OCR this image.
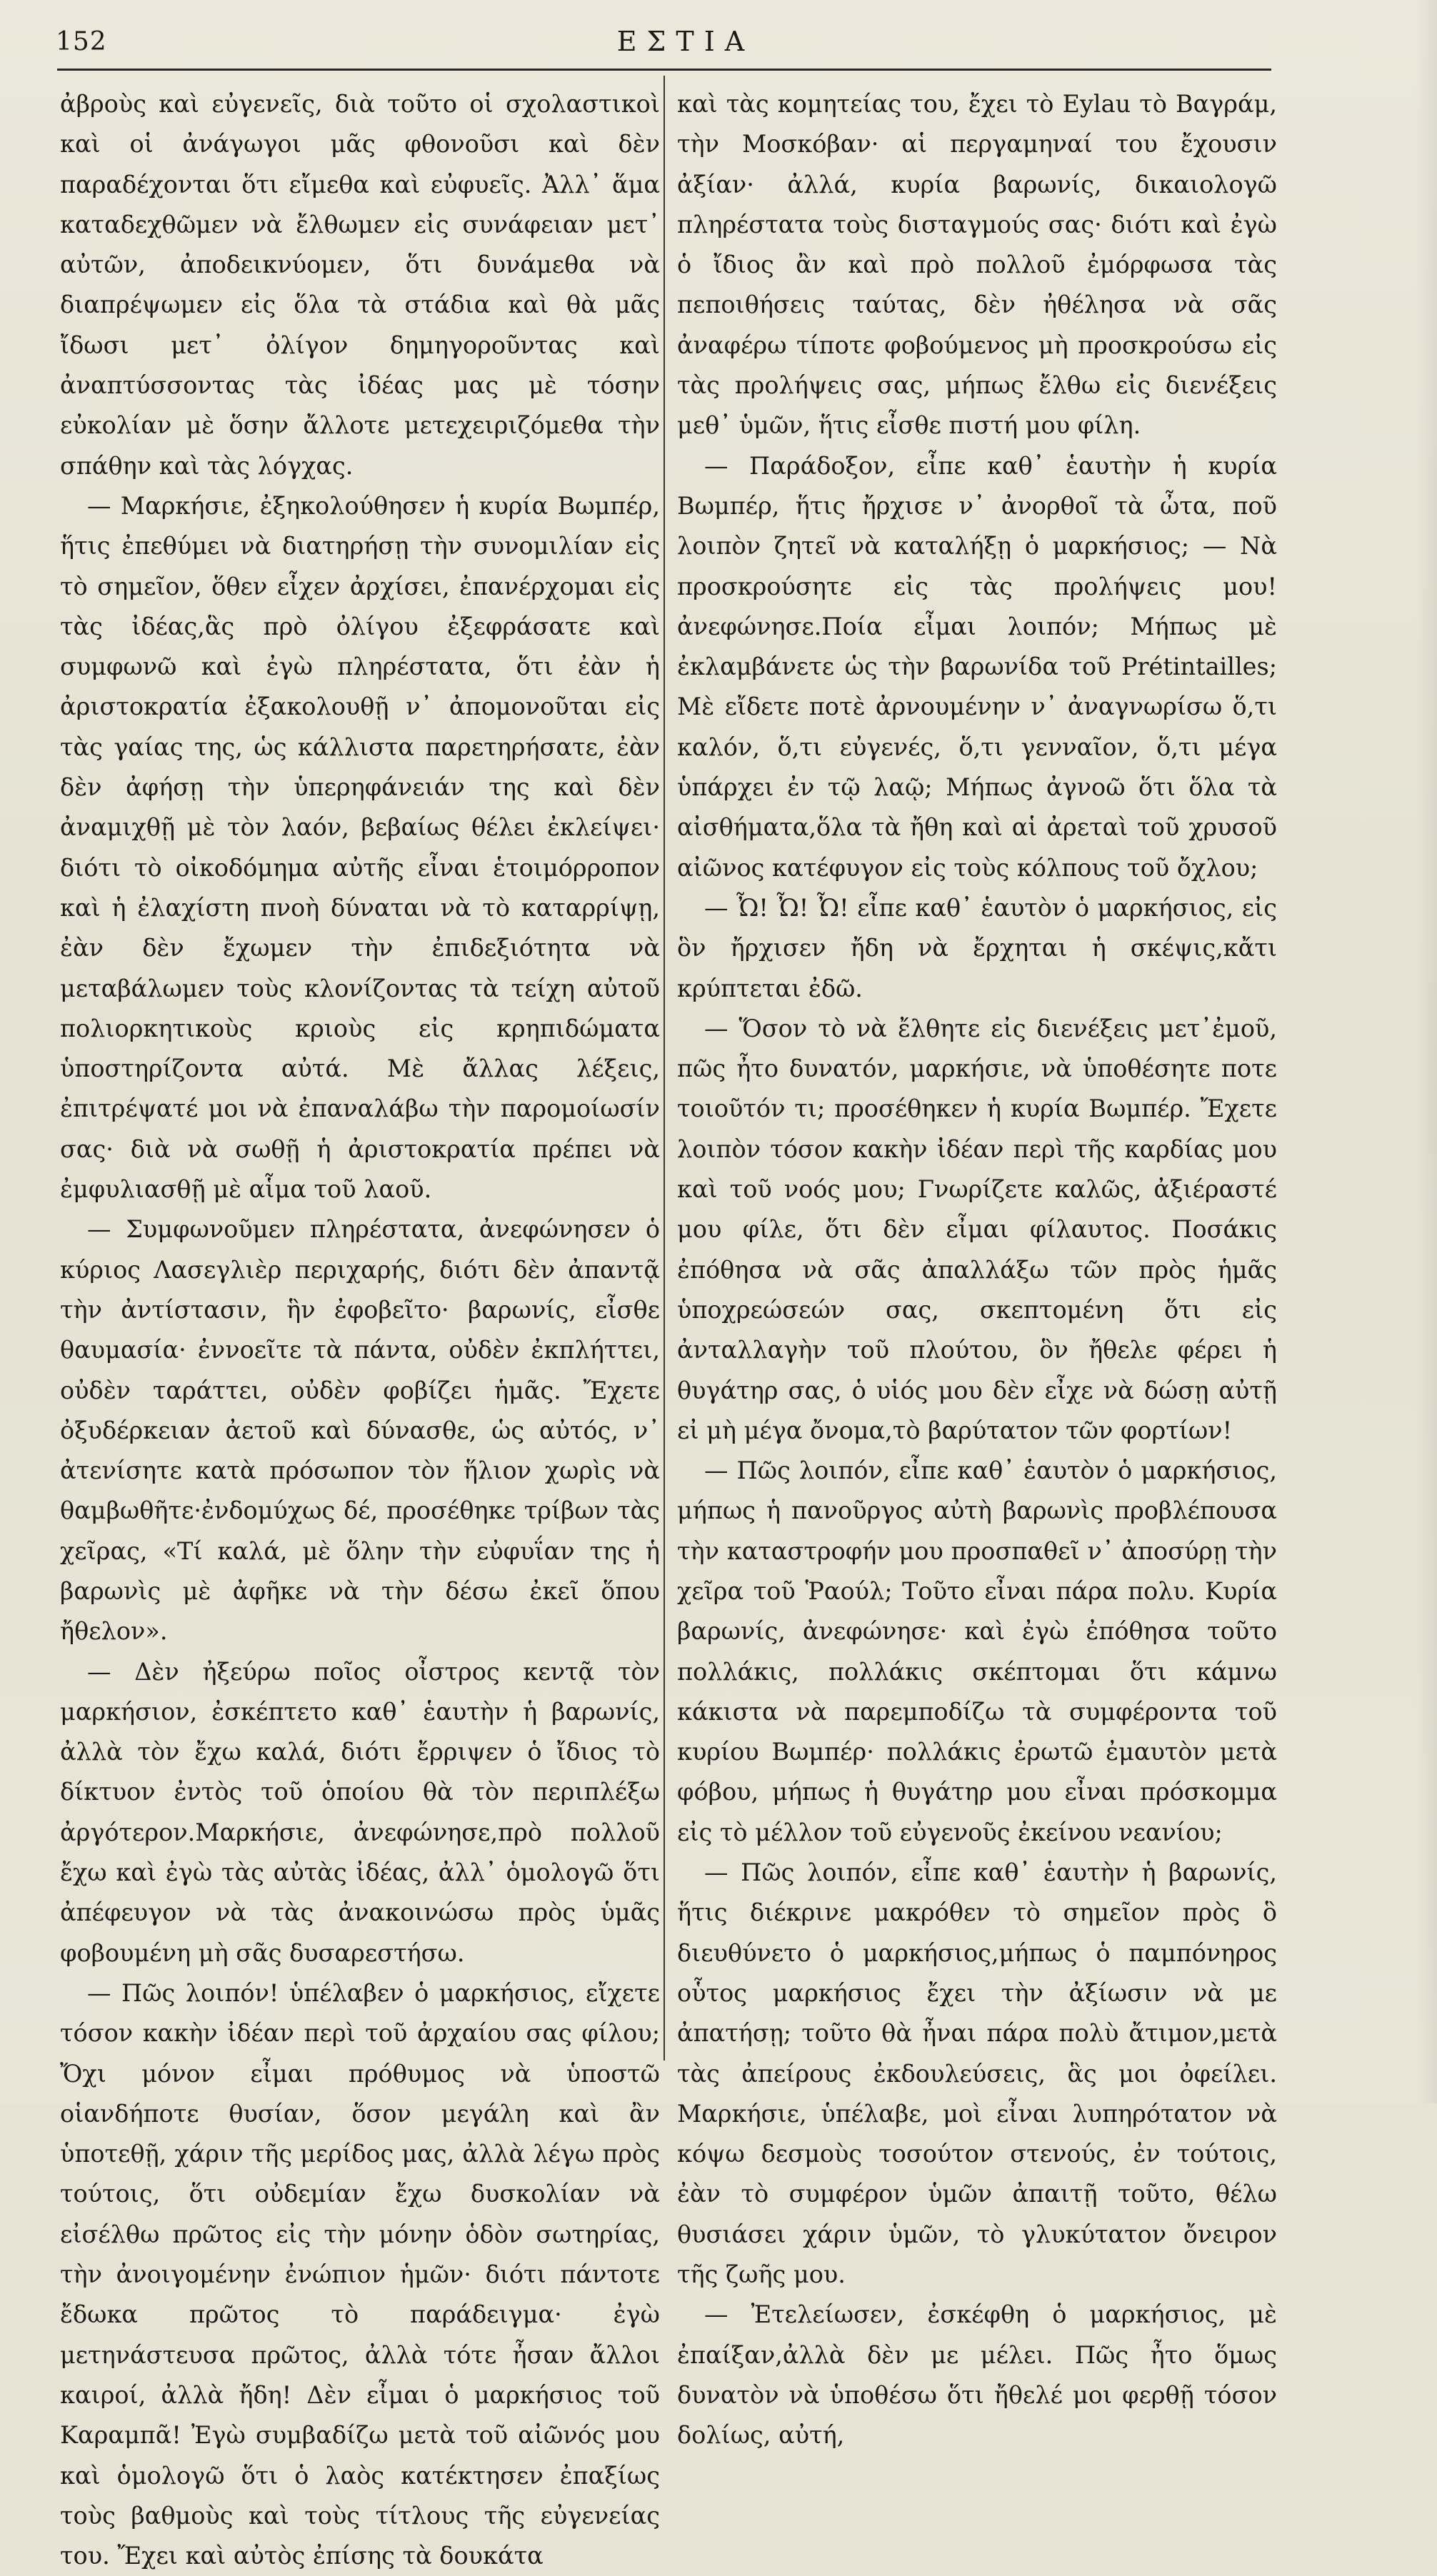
152	ΕΣΤΙΑ

ἀβροὺς καὶ εὐγενεῖς, διὰ τοῦτο οἱ σχολαστικοὶ καὶ οἱ ἀνάγωγοι μᾶς φθονοῦσι καὶ δὲν παραδέχονται ὅτι εἴμεθα καὶ εὐφυεῖς. Ἀλλ᾽ ἅμα καταδεχθῶμεν νὰ ἔλθωμεν εἰς συνάφειαν μετ᾽ αὐτῶν, ἀποδεικνύομεν, ὅτι δυνάμεθα νὰ διαπρέψωμεν εἰς ὅλα τὰ στάδια καὶ θὰ μᾶς ἴδωσι μετ᾽ ὀλίγον δημηγοροῦντας καὶ ἀναπτύσσοντας τὰς ἰδέας μας μὲ τόσην εὐκολίαν μὲ ὅσην ἄλλοτε μετεχειριζόμεθα τὴν σπάθην καὶ τὰς λόγχας.

— Μαρκήσιε, ἐξηκολούθησεν ἡ κυρία Βωμπέρ, ἥτις ἐπεθύμει νὰ διατηρήσῃ τὴν συνομιλίαν εἰς τὸ σημεῖον, ὅθεν εἶχεν ἀρχίσει, ἐπανέρχομαι εἰς τὰς ἰδέας,ἃς πρὸ ὀλίγου ἐξεφράσατε καὶ συμφωνῶ καὶ ἐγὼ πληρέστατα, ὅτι ἐὰν ἡ ἀριστοκρατία ἐξακολουθῇ ν᾽ ἀπομονοῦται εἰς τὰς γαίας της, ὡς κάλλιστα παρετηρήσατε, ἐὰν δὲν ἀφήσῃ τὴν ὑπερηφάνειάν της καὶ δὲν ἀναμιχθῇ μὲ τὸν λαόν, βεβαίως θέλει ἐκλείψει· διότι τὸ οἰκοδόμημα αὐτῆς εἶναι ἑτοιμόρροπον καὶ ἡ ἐλαχίστη πνοὴ δύναται νὰ τὸ καταρρίψῃ, ἐὰν δὲν ἔχωμεν τὴν ἐπιδεξιότητα νὰ μεταβάλωμεν τοὺς κλονίζοντας τὰ τείχη αὐτοῦ πολιορκητικοὺς κριοὺς εἰς κρηπιδώματα ὑποστηρίζοντα αὐτά. Μὲ ἄλλας λέξεις, ἐπιτρέψατέ μοι νὰ ἐπαναλάβω τὴν παρομοίωσίν σας· διὰ νὰ σωθῇ ἡ ἀριστοκρατία πρέπει νὰ ἐμφυλιασθῇ μὲ αἷμα τοῦ λαοῦ.

— Συμφωνοῦμεν πληρέστατα, ἀνεφώνησεν ὁ κύριος Λασεγλιὲρ περιχαρής, διότι δὲν ἀπαντᾷ τὴν ἀντίστασιν, ἣν ἐφοβεῖτο· βαρωνίς, εἶσθε θαυμασία· ἐννοεῖτε τὰ πάντα, οὐδὲν ἐκπλήττει, οὐδὲν ταράττει, οὐδὲν φοβίζει ἡμᾶς. Ἔχετε ὀξυδέρκειαν ἀετοῦ καὶ δύνασθε, ὡς αὐτός, ν᾽ ἀτενίσητε κατὰ πρόσωπον τὸν ἥλιον χωρὶς νὰ θαμβωθῆτε·ἐνδομύχως δέ, προσέθηκε τρίβων τὰς χεῖρας, «Τί καλά, μὲ ὅλην τὴν εὐφυΐαν της ἡ βαρωνὶς μὲ ἀφῆκε νὰ τὴν δέσω ἐκεῖ ὅπου ἤθελον».

— Δὲν ἠξεύρω ποῖος οἶστρος κεντᾷ τὸν μαρκήσιον, ἐσκέπτετο καθ᾽ ἑαυτὴν ἡ βαρωνίς, ἀλλὰ τὸν ἔχω καλά, διότι ἔρριψεν ὁ ἴδιος τὸ δίκτυον ἐντὸς τοῦ ὁποίου θὰ τὸν περιπλέξω ἀργότερον.Μαρκήσιε, ἀνεφώνησε,πρὸ πολλοῦ ἔχω καὶ ἐγὼ τὰς αὐτὰς ἰδέας, ἀλλ᾽ ὁμολογῶ ὅτι ἀπέφευγον νὰ τὰς ἀνακοινώσω πρὸς ὑμᾶς φοβουμένη μὴ σᾶς δυσαρεστήσω.

— Πῶς λοιπόν! ὑπέλαβεν ὁ μαρκήσιος, εἴχετε τόσον κακὴν ἰδέαν περὶ τοῦ ἀρχαίου σας φίλου; Ὄχι μόνον εἶμαι πρόθυμος νὰ ὑποστῶ οἱανδήποτε θυσίαν, ὅσον μεγάλη καὶ ἂν ὑποτεθῇ, χάριν τῆς μερίδος μας, ἀλλὰ λέγω πρὸς τούτοις, ὅτι οὐδεμίαν ἔχω δυσκολίαν νὰ εἰσέλθω πρῶτος εἰς τὴν μόνην ὁδὸν σωτηρίας, τὴν ἀνοιγομένην ἐνώπιον ἡμῶν· διότι πάντοτε ἔδωκα πρῶτος τὸ παράδειγμα· ἐγὼ μετηνάστευσα πρῶτος, ἀλλὰ τότε ἦσαν ἄλλοι καιροί, ἀλλὰ ἤδη! Δὲν εἶμαι ὁ μαρκήσιος τοῦ Καραμπᾶ! Ἐγὼ συμβαδίζω μετὰ τοῦ αἰῶνός μου καὶ ὁμολογῶ ὅτι ὁ λαὸς κατέκτησεν ἐπαξίως τοὺς βαθμοὺς καὶ τοὺς τίτλους τῆς εὐγενείας του. Ἔχει καὶ αὐτὸς ἐπίσης τὰ δουκάτα

καὶ τὰς κομητείας του, ἔχει τὸ Eylau τὸ Βαγράμ, τὴν Μοσκόβαν· αἱ περγαμηναί του ἔχουσιν ἀξίαν· ἀλλά, κυρία βαρωνίς, δικαιολογῶ πληρέστατα τοὺς δισταγμούς σας· διότι καὶ ἐγὼ ὁ ἴδιος ἂν καὶ πρὸ πολλοῦ ἐμόρφωσα τὰς πεποιθήσεις ταύτας, δὲν ἠθέλησα νὰ σᾶς ἀναφέρω τίποτε φοβούμενος μὴ προσκρούσω εἰς τὰς προλήψεις σας, μήπως ἔλθω εἰς διενέξεις μεθ᾽ ὑμῶν, ἥτις εἶσθε πιστή μου φίλη.

— Παράδοξον, εἶπε καθ᾽ ἑαυτὴν ἡ κυρία Βωμπέρ, ἥτις ἤρχισε ν᾽ ἀνορθοῖ τὰ ὦτα, ποῦ λοιπὸν ζητεῖ νὰ καταλήξῃ ὁ μαρκήσιος; — Νὰ προσκρούσητε εἰς τὰς προλήψεις μου! ἀνεφώνησε.Ποία εἶμαι λοιπόν; Μήπως μὲ ἐκλαμβάνετε ὡς τὴν βαρωνίδα τοῦ Prétintailles; Μὲ εἴδετε ποτὲ ἀρνουμένην ν᾽ ἀναγνωρίσω ὅ,τι καλόν, ὅ,τι εὐγενές, ὅ,τι γενναῖον, ὅ,τι μέγα ὑπάρχει ἐν τῷ λαῷ; Μήπως ἀγνοῶ ὅτι ὅλα τὰ αἰσθήματα,ὅλα τὰ ἤθη καὶ αἱ ἀρεταὶ τοῦ χρυσοῦ αἰῶνος κατέφυγον εἰς τοὺς κόλπους τοῦ ὄχλου;

— Ὦ! Ὦ! Ὦ! εἶπε καθ᾽ ἑαυτὸν ὁ μαρκήσιος, εἰς ὃν ἤρχισεν ἤδη νὰ ἔρχηται ἡ σκέψις,κἄτι κρύπτεται ἐδῶ.

— Ὅσον τὸ νὰ ἔλθητε εἰς διενέξεις μετ᾽ἐμοῦ, πῶς ἦτο δυνατόν, μαρκήσιε, νὰ ὑποθέσητε ποτε τοιοῦτόν τι; προσέθηκεν ἡ κυρία Βωμπέρ. Ἔχετε λοιπὸν τόσον κακὴν ἰδέαν περὶ τῆς καρδίας μου καὶ τοῦ νοός μου; Γνωρίζετε καλῶς, ἀξιέραστέ μου φίλε, ὅτι δὲν εἶμαι φίλαυτος. Ποσάκις ἐπόθησα νὰ σᾶς ἀπαλλάξω τῶν πρὸς ἡμᾶς ὑποχρεώσεών σας, σκεπτομένη ὅτι εἰς ἀνταλλαγὴν τοῦ πλούτου, ὃν ἤθελε φέρει ἡ θυγάτηρ σας, ὁ υἱός μου δὲν εἶχε νὰ δώσῃ αὐτῇ εἰ μὴ μέγα ὄνομα,τὸ βαρύτατον τῶν φορτίων!

— Πῶς λοιπόν, εἶπε καθ᾽ ἑαυτὸν ὁ μαρκήσιος, μήπως ἡ πανοῦργος αὐτὴ βαρωνὶς προβλέπουσα τὴν καταστροφήν μου προσπαθεῖ ν᾽ ἀποσύρῃ τὴν χεῖρα τοῦ Ῥαούλ; Τοῦτο εἶναι πάρα πολυ. Κυρία βαρωνίς, ἀνεφώνησε· καὶ ἐγὼ ἐπόθησα τοῦτο πολλάκις, πολλάκις σκέπτομαι ὅτι κάμνω κάκιστα νὰ παρεμποδίζω τὰ συμφέροντα τοῦ κυρίου Βωμπέρ· πολλάκις ἐρωτῶ ἐμαυτὸν μετὰ φόβου, μήπως ἡ θυγάτηρ μου εἶναι πρόσκομμα εἰς τὸ μέλλον τοῦ εὐγενοῦς ἐκείνου νεανίου;

— Πῶς λοιπόν, εἶπε καθ᾽ ἑαυτὴν ἡ βαρωνίς, ἥτις διέκρινε μακρόθεν τὸ σημεῖον πρὸς ὃ διευθύνετο ὁ μαρκήσιος,μήπως ὁ παμπόνηρος οὗτος μαρκήσιος ἔχει τὴν ἀξίωσιν νὰ με ἀπατήσῃ; τοῦτο θὰ ἦναι πάρα πολὺ ἄτιμον,μετὰ τὰς ἀπείρους ἐκδουλεύσεις, ἃς μοι ὀφείλει. Μαρκήσιε, ὑπέλαβε, μοὶ εἶναι λυπηρότατον νὰ κόψω δεσμοὺς τοσούτον στενούς, ἐν τούτοις, ἐὰν τὸ συμφέρον ὑμῶν ἀπαιτῇ τοῦτο, θέλω θυσιάσει χάριν ὑμῶν, τὸ γλυκύτατον ὄνειρον τῆς ζωῆς μου.

— Ἐτελείωσεν, ἐσκέφθη ὁ μαρκήσιος, μὲ ἐπαίξαν,ἀλλὰ δὲν με μέλει. Πῶς ἦτο ὅμως δυνατὸν νὰ ὑποθέσω ὅτι ἤθελέ μοι φερθῇ τόσον δολίως, αὐτή,
